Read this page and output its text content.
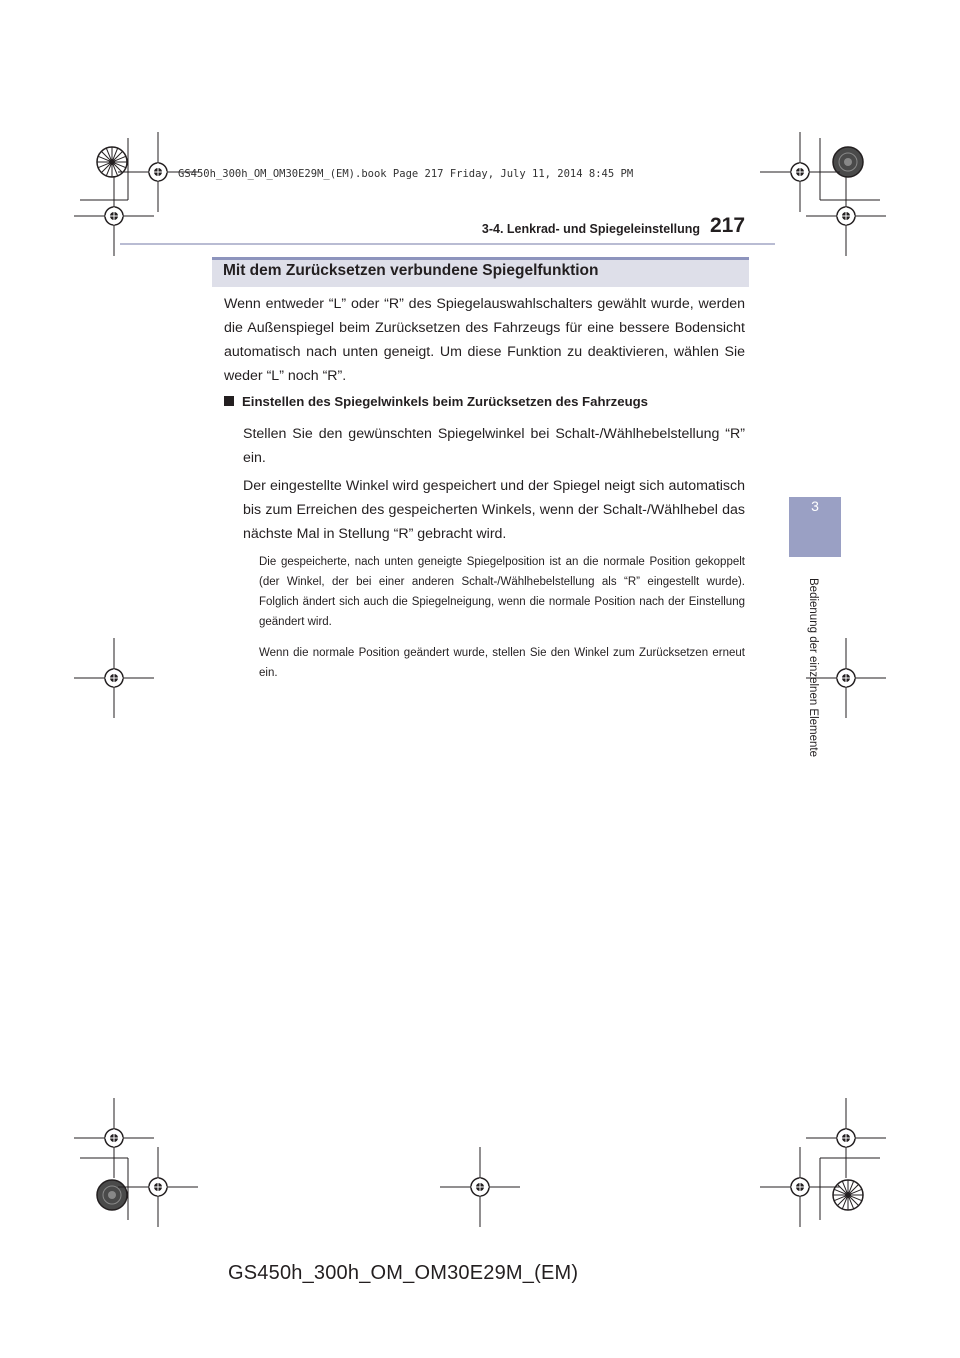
GS450h_300h_OM_OM30E29M_(EM).book Page 217 Friday, July 11, 2014 8:45 PM
3-4. Lenkrad- und Spiegeleinstellung 217
3
Bedienung der einzelnen Elemente
Mit dem Zurücksetzen verbundene Spiegelfunktion
Wenn entweder “L” oder “R” des Spiegelauswahlschalters gewählt wurde, werden die Außenspiegel beim Zurücksetzen des Fahrzeugs für eine bessere Bodensicht automatisch nach unten geneigt. Um diese Funktion zu deaktivieren, wählen Sie weder “L” noch “R”.
Einstellen des Spiegelwinkels beim Zurücksetzen des Fahrzeugs
Stellen Sie den gewünschten Spiegelwinkel bei Schalt-/Wählhebelstellung “R” ein.
Der eingestellte Winkel wird gespeichert und der Spiegel neigt sich automatisch bis zum Erreichen des gespeicherten Winkels, wenn der Schalt-/Wählhebel das nächste Mal in Stellung “R” gebracht wird.
Die gespeicherte, nach unten geneigte Spiegelposition ist an die normale Position gekoppelt (der Winkel, der bei einer anderen Schalt-/Wählhebelstellung als “R” eingestellt wurde). Folglich ändert sich auch die Spiegelneigung, wenn die normale Position nach der Einstellung geändert wird.
Wenn die normale Position geändert wurde, stellen Sie den Winkel zum Zurücksetzen erneut ein.
GS450h_300h_OM_OM30E29M_(EM)
